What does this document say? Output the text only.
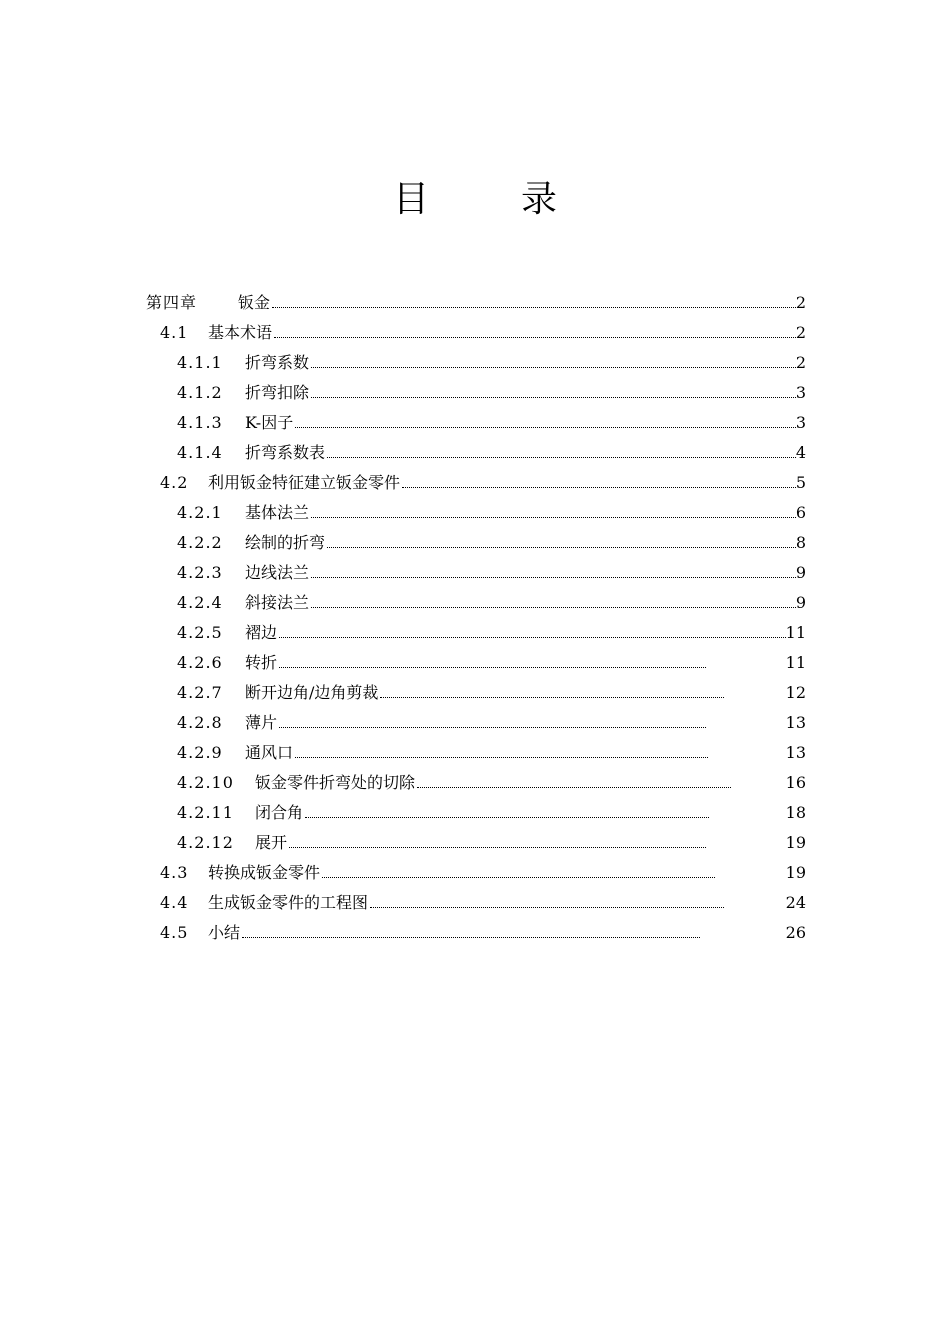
目　录
第四章	钣金	2
4.1 基本术语	2
4.1.1 折弯系数	2
4.1.2 折弯扣除	3
4.1.3 K-因子	3
4.1.4 折弯系数表	4
4.2 利用钣金特征建立钣金零件	5
4.2.1 基体法兰	6
4.2.2 绘制的折弯	8
4.2.3 边线法兰	9
4.2.4 斜接法兰	9
4.2.5 褶边	11
4.2.6 转折	11
4.2.7 断开边角/边角剪裁	12
4.2.8 薄片	13
4.2.9 通风口	13
4.2.10 钣金零件折弯处的切除	16
4.2.11 闭合角	18
4.2.12 展开	19
4.3 转换成钣金零件	19
4.4 生成钣金零件的工程图	24
4.5 小结	26
